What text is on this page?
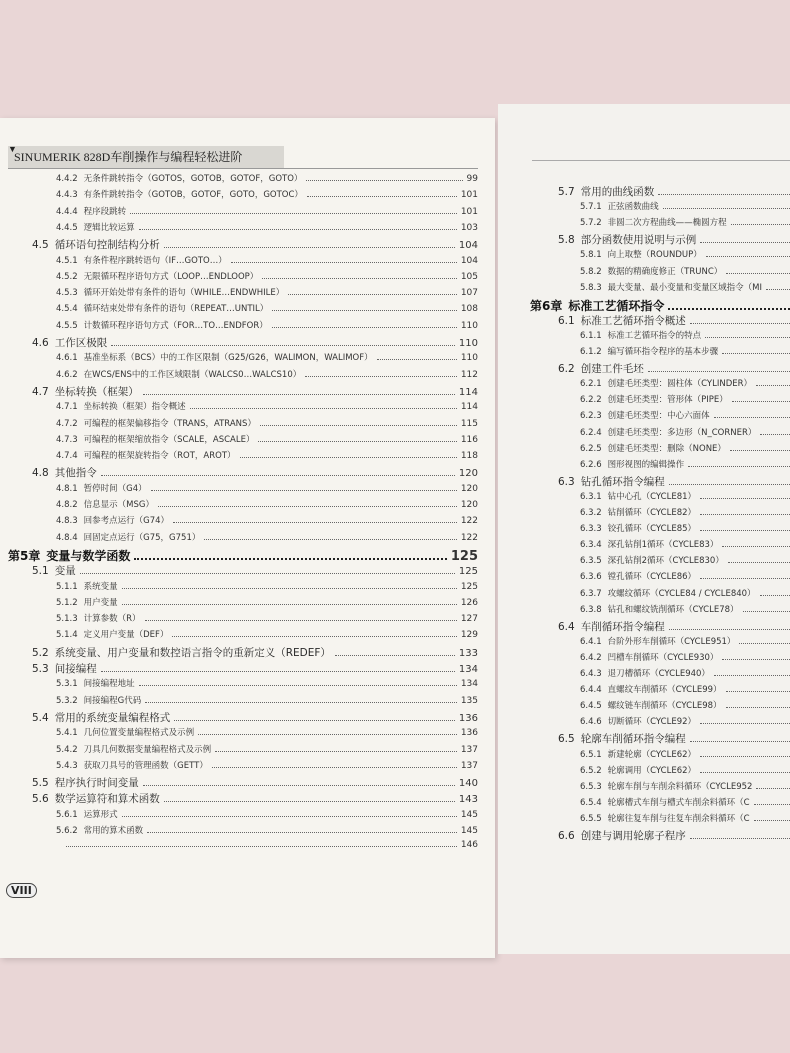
▼
SINUMERIK 828D车削操作与编程轻松进阶
4.4.2 无条件跳转指令（GOTOS，GOTOB，GOTOF，GOTO）	99
4.4.3 有条件跳转指令（GOTOB，GOTOF，GOTO，GOTOC）	101
4.4.4 程序段跳转	101
4.4.5 逻辑比较运算	103
4.5 循环语句控制结构分析	104
4.5.1 有条件程序跳转语句（IF…GOTO…）	104
4.5.2 无限循环程序语句方式（LOOP…ENDLOOP）	105
4.5.3 循环开始处带有条件的语句（WHILE…ENDWHILE）	107
4.5.4 循环结束处带有条件的语句（REPEAT…UNTIL）	108
4.5.5 计数循环程序语句方式（FOR…TO…ENDFOR）	110
4.6 工作区极限	110
4.6.1 基准坐标系（BCS）中的工作区限制（G25/G26，WALIMON，WALIMOF）	110
4.6.2 在WCS/ENS中的工作区域限制（WALCS0…WALCS10）	112
4.7 坐标转换（框架）	114
4.7.1 坐标转换（框架）指令概述	114
4.7.2 可编程的框架偏移指令（TRANS，ATRANS）	115
4.7.3 可编程的框架缩放指令（SCALE，ASCALE）	116
4.7.4 可编程的框架旋转指令（ROT，AROT）	118
4.8 其他指令	120
4.8.1 暂停时间（G4）	120
4.8.2 信息显示（MSG）	120
4.8.3 回参考点运行（G74）	122
4.8.4 回固定点运行（G75，G751）	122
第5章 变量与数学函数	125
5.1 变量	125
5.1.1 系统变量	125
5.1.2 用户变量	126
5.1.3 计算参数（R）	127
5.1.4 定义用户变量（DEF）	129
5.2 系统变量、用户变量和数控语言指令的重新定义（REDEF）	133
5.3 间接编程	134
5.3.1 间接编程地址	134
5.3.2 间接编程G代码	135
5.4 常用的系统变量编程格式	136
5.4.1 几何位置变量编程格式及示例	136
5.4.2 刀具几何数据变量编程格式及示例	137
5.4.3 获取刀具号的管理函数（GETT）	137
5.5 程序执行时间变量	140
5.6 数学运算符和算术函数	143
5.6.1 运算形式	145
5.6.2 常用的算术函数	145
146
VIII
5.7 常用的曲线函数
5.7.1 正弦函数曲线
5.7.2 非圆二次方程曲线——椭圆方程
5.8 部分函数使用说明与示例
5.8.1 向上取整（ROUNDUP）
5.8.2 数据的精确度修正（TRUNC）
5.8.3 最大变量、最小变量和变量区域指令（MI
第6章 标准工艺循环指令
6.1 标准工艺循环指令概述
6.1.1 标准工艺循环指令的特点
6.1.2 编写循环指令程序的基本步骤
6.2 创建工件毛坯
6.2.1 创建毛坯类型：圆柱体（CYLINDER）
6.2.2 创建毛坯类型：管形体（PIPE）
6.2.3 创建毛坯类型：中心六面体
6.2.4 创建毛坯类型：多边形（N_CORNER）
6.2.5 创建毛坯类型：删除（NONE）
6.2.6 图形视图的编辑操作
6.3 钻孔循环指令编程
6.3.1 钻中心孔（CYCLE81）
6.3.2 钻削循环（CYCLE82）
6.3.3 铰孔循环（CYCLE85）
6.3.4 深孔钻削1循环（CYCLE83）
6.3.5 深孔钻削2循环（CYCLE830）
6.3.6 镗孔循环（CYCLE86）
6.3.7 攻螺纹循环（CYCLE84 / CYCLE840）
6.3.8 钻孔和螺纹铣削循环（CYCLE78）
6.4 车削循环指令编程
6.4.1 台阶外形车削循环（CYCLE951）
6.4.2 凹槽车削循环（CYCLE930）
6.4.3 退刀槽循环（CYCLE940）
6.4.4 直螺纹车削循环（CYCLE99）
6.4.5 螺纹链车削循环（CYCLE98）
6.4.6 切断循环（CYCLE92）
6.5 轮廓车削循环指令编程
6.5.1 新建轮廓（CYCLE62）
6.5.2 轮廓调用（CYCLE62）
6.5.3 轮廓车削与车削余料循环（CYCLE952
6.5.4 轮廓槽式车削与槽式车削余料循环（C
6.5.5 轮廓往复车削与往复车削余料循环（C
6.6 创建与调用轮廓子程序
